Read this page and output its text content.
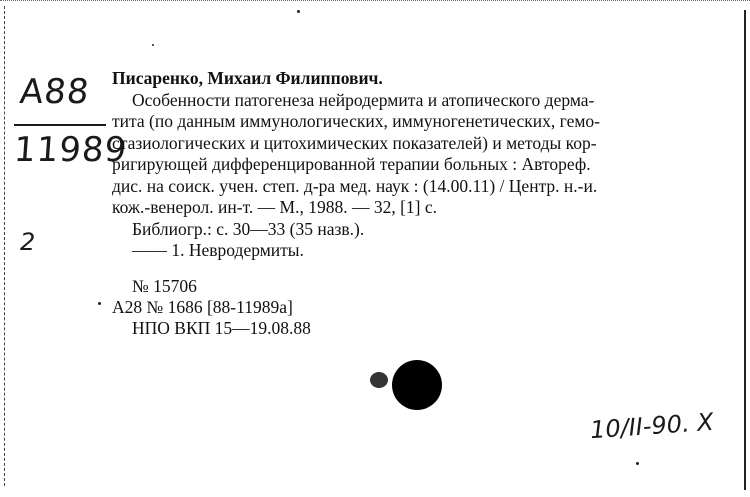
A88
11989
2
Писаренко, Михаил Филиппович.
Особенности патогенеза нейродермита и атопического дерма-
тита (по данным иммунологических, иммуногенетических, гемо-
стазиологических и цитохимических показателей) и методы кор-
ригирующей дифференцированной терапии больных : Автореф.
дис. на соиск. учен. степ. д-ра мед. наук : (14.00.11) / Центр. н.-и.
кож.-венерол. ин-т. — М., 1988. — 32, [1] с.
Библиогр.: с. 30—33 (35 назв.).
—— 1. Невродермиты.
№ 15706
А28 № 1686 [88-11989а]
НПО ВКП 15—19.08.88
10/II-90. X
